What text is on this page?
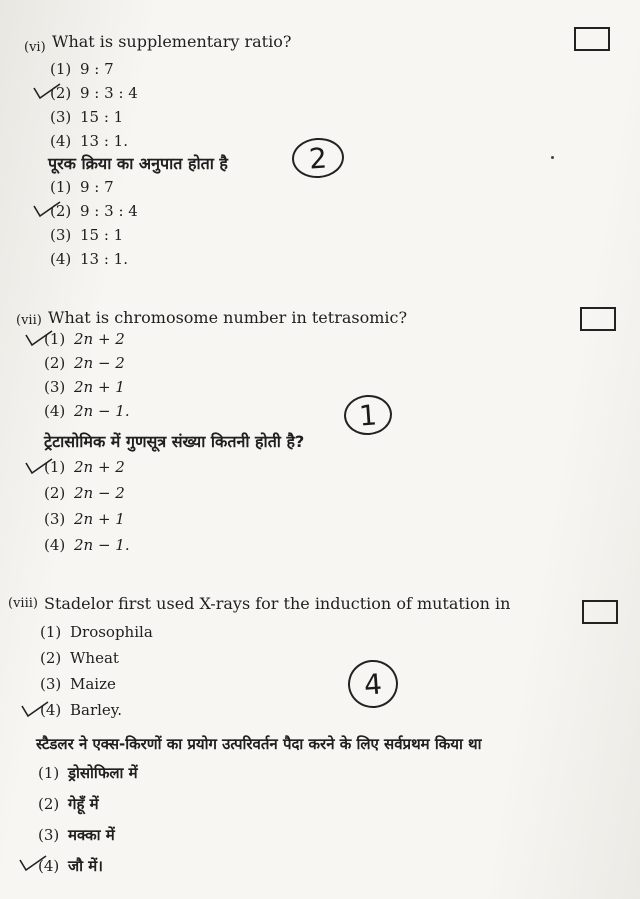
(vi) What is supplementary ratio?
(1) 9 : 7
(2) 9 : 3 : 4
(3) 15 : 1
(4) 13 : 1.
पूरक क्रिया का अनुपात होता है	2
(1) 9 : 7
(2) 9 : 3 : 4
(3) 15 : 1
(4) 13 : 1.
(vii) What is chromosome number in tetrasomic?
(1) 2n + 2
(2) 2n − 2
(3) 2n + 1
(4) 2n − 1.	1
ट्रेटासोमिक में गुणसूत्र संख्या कितनी होती है?
(1) 2n + 2
(2) 2n − 2
(3) 2n + 1
(4) 2n − 1.
(viii) Stadelor first used X-rays for the induction of mutation in
(1) Drosophila
(2) Wheat
(3) Maize
(4) Barley.
4
स्टैडलर ने एक्स-किरणों का प्रयोग उत्परिवर्तन पैदा करने के लिए सर्वप्रथम किया था
(1) ड्रोसोफिला में
(2) गेहूँ में
(3) मक्का में
(4) जौ में।
